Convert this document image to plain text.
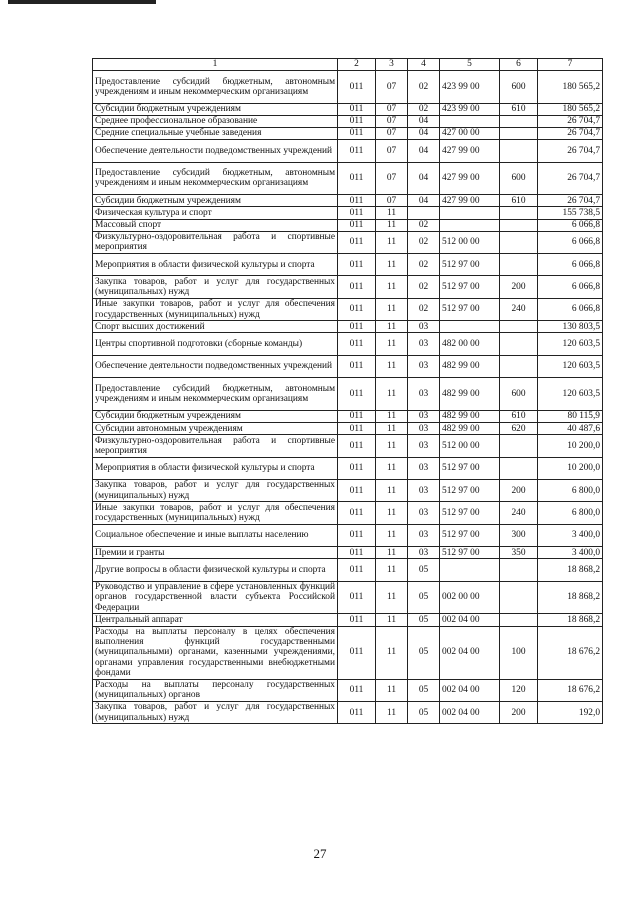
1	2	3	4	5	6	7
Предоставление субсидий бюджетным, автономным учреждениям и иным некоммерческим организациям	011	07	02	423 99 00	600	180 565,2
Субсидии бюджетным учреждениям	011	07	02	423 99 00	610	180 565,2
Среднее профессиональное образование	011	07	04			26 704,7
Средние специальные учебные заведения	011	07	04	427 00 00		26 704,7
Обеспечение деятельности подведомственных учреждений	011	07	04	427 99 00		26 704,7
Предоставление субсидий бюджетным, автономным учреждениям и иным некоммерческим организациям	011	07	04	427 99 00	600	26 704,7
Субсидии бюджетным учреждениям	011	07	04	427 99 00	610	26 704,7
Физическая культура и спорт	011	11				155 738,5
Массовый спорт	011	11	02			6 066,8
Физкультурно-оздоровительная работа и спортивные мероприятия	011	11	02	512 00 00		6 066,8
Мероприятия в области физической культуры и спорта	011	11	02	512 97 00		6 066,8
Закупка товаров, работ и услуг для государственных (муниципальных) нужд	011	11	02	512 97 00	200	6 066,8
Иные закупки товаров, работ и услуг для обеспечения государственных (муниципальных) нужд	011	11	02	512 97 00	240	6 066,8
Спорт высших достижений	011	11	03			130 803,5
Центры спортивной подготовки (сборные команды)	011	11	03	482 00 00		120 603,5
Обеспечение деятельности подведомственных учреждений	011	11	03	482 99 00		120 603,5
Предоставление субсидий бюджетным, автономным учреждениям и иным некоммерческим организациям	011	11	03	482 99 00	600	120 603,5
Субсидии бюджетным учреждениям	011	11	03	482 99 00	610	80 115,9
Субсидии автономным учреждениям	011	11	03	482 99 00	620	40 487,6
Физкультурно-оздоровительная работа и спортивные мероприятия	011	11	03	512 00 00		10 200,0
Мероприятия в области физической культуры и спорта	011	11	03	512 97 00		10 200,0
Закупка товаров, работ и услуг для государственных (муниципальных) нужд	011	11	03	512 97 00	200	6 800,0
Иные закупки товаров, работ и услуг для обеспечения государственных (муниципальных) нужд	011	11	03	512 97 00	240	6 800,0
Социальное обеспечение и иные выплаты населению	011	11	03	512 97 00	300	3 400,0
Премии и гранты	011	11	03	512 97 00	350	3 400,0
Другие вопросы в области физической культуры и спорта	011	11	05			18 868,2
Руководство и управление в сфере установленных функций органов государственной власти субъекта Российской Федерации	011	11	05	002 00 00		18 868,2
Центральный аппарат	011	11	05	002 04 00		18 868,2
Расходы на выплаты персоналу в целях обеспечения выполнения функций государственными (муниципальными) органами, казенными учреждениями, органами управления государственными внебюджетными фондами	011	11	05	002 04 00	100	18 676,2
Расходы на выплаты персоналу государственных (муниципальных) органов	011	11	05	002 04 00	120	18 676,2
Закупка товаров, работ и услуг для государственных (муниципальных) нужд	011	11	05	002 04 00	200	192,0
27
